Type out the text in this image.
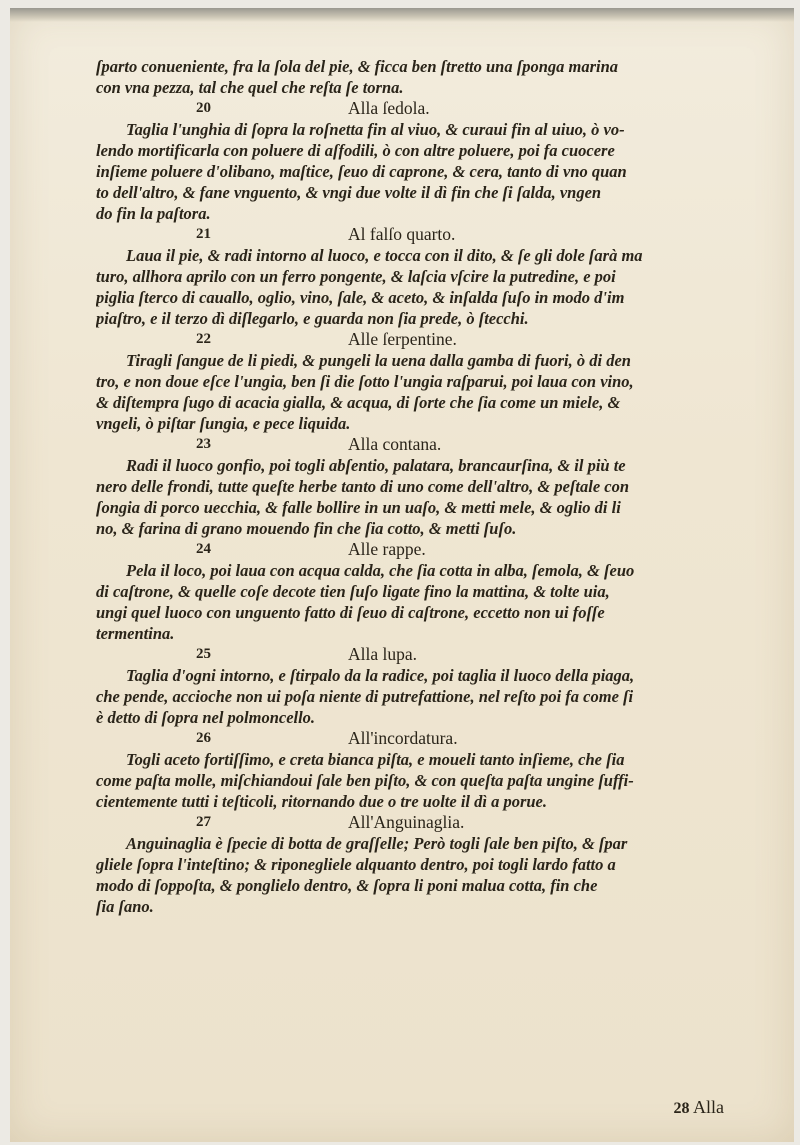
ſparto conueniente, fra la ſola del pie, & ficca ben ſtretto una ſponga marina
con vna pezza, tal che quel che reſta ſe torna.
20	Alla ſedola.
Taglia l'unghia di ſopra la roſnetta fin al viuo, & curaui fin al uiuo, ò vo-
lendo mortificarla con poluere di aſfodili, ò con altre poluere, poi fa cuocere
inſieme poluere d'olibano, maſtice, ſeuo di caprone, & cera, tanto di vno quan
to dell'altro, & fane vnguento, & vngi due volte il dì fin che ſi ſalda, vngen
do fin la paſtora.
21	Al falſo quarto.
Laua il pie, & radi intorno al luoco, e tocca con il dito, & ſe gli dole ſarà ma
turo, allhora aprilo con un ferro pongente, & laſcia vſcire la putredine, e poi
piglia ſterco di cauallo, oglio, vino, ſale, & aceto, & inſalda ſuſo in modo d'im
piaſtro, e il terzo dì diſlegarlo, e guarda non ſia prede, ò ſtecchi.
22	Alle ſerpentine.
Tiragli ſangue de li piedi, & pungeli la uena dalla gamba di fuori, ò di den
tro, e non doue eſce l'ungia, ben ſi die ſotto l'ungia raſparui, poi laua con vino,
& diſtempra ſugo di acacia gialla, & acqua, di ſorte che ſia come un miele, &
vngeli, ò piſtar ſungia, e pece liquida.
23	Alla contana.
Radi il luoco gonfio, poi togli abſentio, palatara, brancaurſina, & il più te
nero delle frondi, tutte queſte herbe tanto di uno come dell'altro, & peſtale con
ſongia di porco uecchia, & falle bollire in un uaſo, & metti mele, & oglio di li
no, & farina di grano mouendo fin che ſia cotto, & metti ſuſo.
24	Alle rappe.
Pela il loco, poi laua con acqua calda, che ſia cotta in alba, ſemola, & ſeuo
di caſtrone, & quelle coſe decote tien ſuſo ligate fino la mattina, & tolte uia,
ungi quel luoco con unguento fatto di ſeuo di caſtrone, eccetto non ui foſſe
termentina.
25	Alla lupa.
Taglia d'ogni intorno, e ſtirpalo da la radice, poi taglia il luoco della piaga,
che pende, accioche non ui poſa niente di putrefattione, nel reſto poi fa come ſi
è detto di ſopra nel polmoncello.
26	All'incordatura.
Togli aceto fortiſſimo, e creta bianca piſta, e moueli tanto inſieme, che ſia
come paſta molle, miſchiandoui ſale ben piſto, & con queſta paſta ungine ſuffi-
cientemente tutti i teſticoli, ritornando due o tre uolte il dì a porue.
27	All'Anguinaglia.
Anguinaglia è ſpecie di botta de graſſelle; Però togli ſale ben piſto, & ſpar
gliele ſopra l'inteſtino; & riponegliele alquanto dentro, poi togli lardo fatto a
modo di ſoppoſta, & ponglielo dentro, & ſopra li poni malua cotta, fin che
ſia ſano.
28 Alla
